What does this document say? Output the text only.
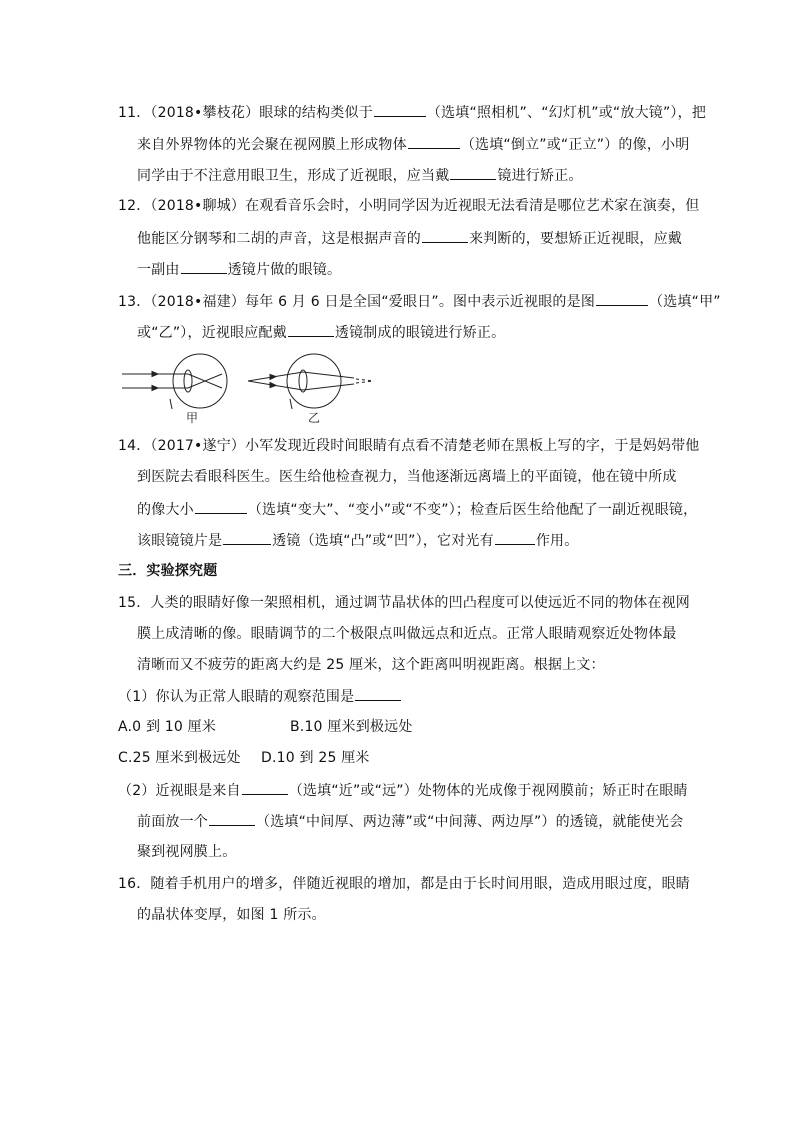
11．（2018•攀枝花）眼球的结构类似于	（选填“照相机”、“幻灯机”或“放大镜”），把
来自外界物体的光会聚在视网膜上形成物体	（选填“倒立”或“正立”）的像，小明
同学由于不注意用眼卫生，形成了近视眼，应当戴	镜进行矫正。
12．（2018•聊城）在观看音乐会时，小明同学因为近视眼无法看清是哪位艺术家在演奏，但
他能区分钢琴和二胡的声音，这是根据声音的	来判断的，要想矫正近视眼，应戴
一副由	透镜片做的眼镜。
13．（2018•福建）每年 6 月 6 日是全国“爱眼日”。图中表示近视眼的是图	（选填“甲”
或“乙”），近视眼应配戴	透镜制成的眼镜进行矫正。
甲	乙
14．（2017•遂宁）小军发现近段时间眼睛有点看不清楚老师在黑板上写的字，于是妈妈带他
到医院去看眼科医生。医生给他检查视力，当他逐渐远离墙上的平面镜，他在镜中所成
的像大小	（选填“变大”、“变小”或“不变”）；检查后医生给他配了一副近视眼镜，
该眼镜镜片是	透镜（选填“凸”或“凹”），它对光有	作用。
三．实验探究题
15．人类的眼睛好像一架照相机，通过调节晶状体的凹凸程度可以使远近不同的物体在视网
膜上成清晰的像。眼睛调节的二个极限点叫做远点和近点。正常人眼睛观察近处物体最
清晰而又不疲劳的距离大约是 25 厘米，这个距离叫明视距离。根据上文：
（1）你认为正常人眼睛的观察范围是
A.0 到 10 厘米	B.10 厘米到极远处
C.25 厘米到极远处 D.10 到 25 厘米
（2）近视眼是来自	（选填“近”或“远”）处物体的光成像于视网膜前；矫正时在眼睛
前面放一个	（选填“中间厚、两边薄”或“中间薄、两边厚”）的透镜，就能使光会
聚到视网膜上。
16．随着手机用户的增多，伴随近视眼的增加，都是由于长时间用眼，造成用眼过度，眼睛
的晶状体变厚，如图 1 所示。
